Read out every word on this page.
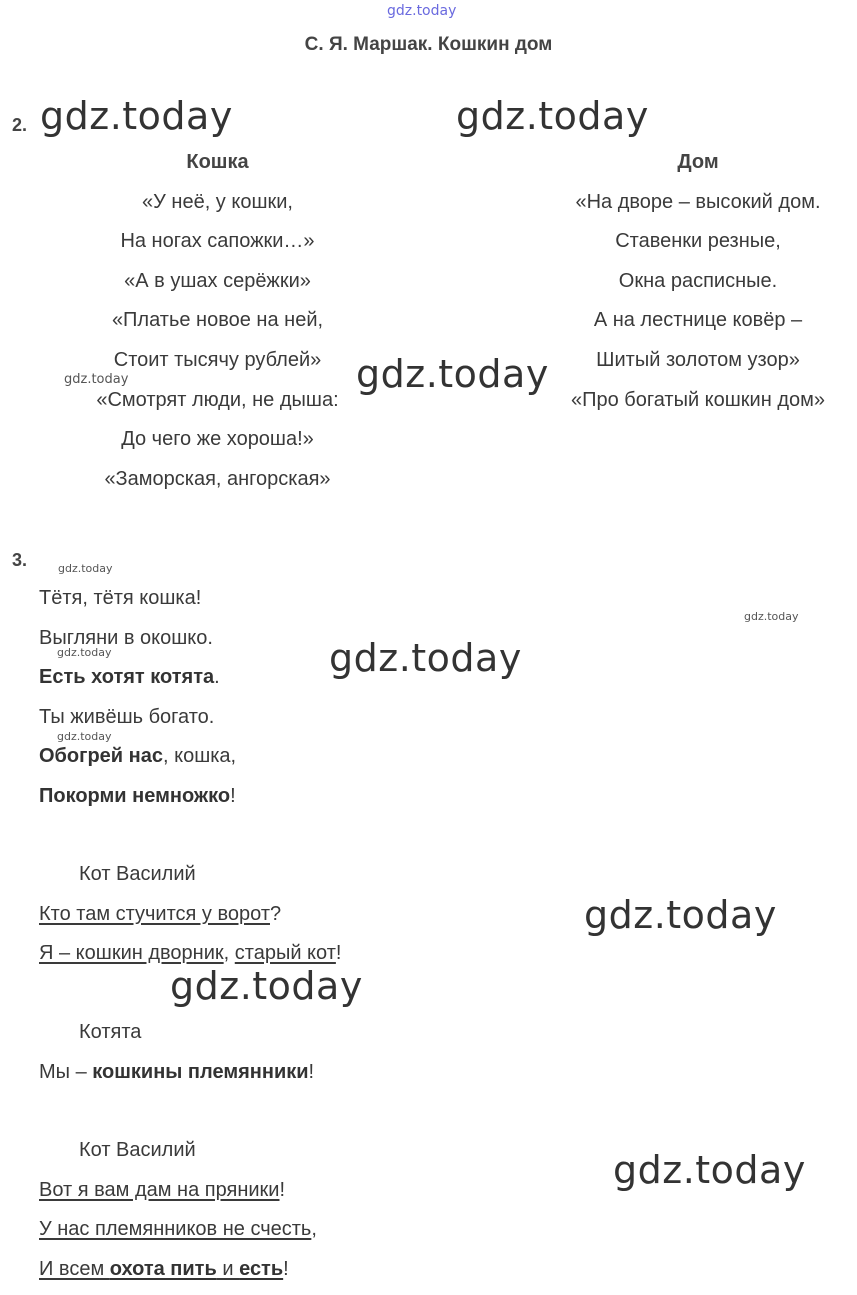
gdz.today
С. Я. Маршак. Кошкин дом
2.
Кошка
«У неё, у кошки,
На ногах сапожки…»
«А в ушах серёжки»
«Платье новое на ней,
Стоит тысячу рублей»
«Смотрят люди, не дыша:
До чего же хороша!»
«Заморская, ангорская»
Дом
«На дворе – высокий дом.
Ставенки резные,
Окна расписные.
А на лестнице ковёр –
Шитый золотом узор»
«Про богатый кошкин дом»
3.
Тётя, тётя кошка!
Выгляни в окошко.
Есть хотят котята.
Ты живёшь богато.
Обогрей нас, кошка,
Покорми немножко!
Кот Василий
Кто там стучится у ворот?
Я – кошкин дворник, старый кот!
Котята
Мы – кошкины племянники!
Кот Василий
Вот я вам дам на пряники!
У нас племянников не счесть,
И всем охота пить и есть!
gdz.today	gdz.today
gdz.today
gdz.today
gdz.today
gdz.today
gdz.today
gdz.today
gdz.today
gdz.today
gdz.today
gdz.today
